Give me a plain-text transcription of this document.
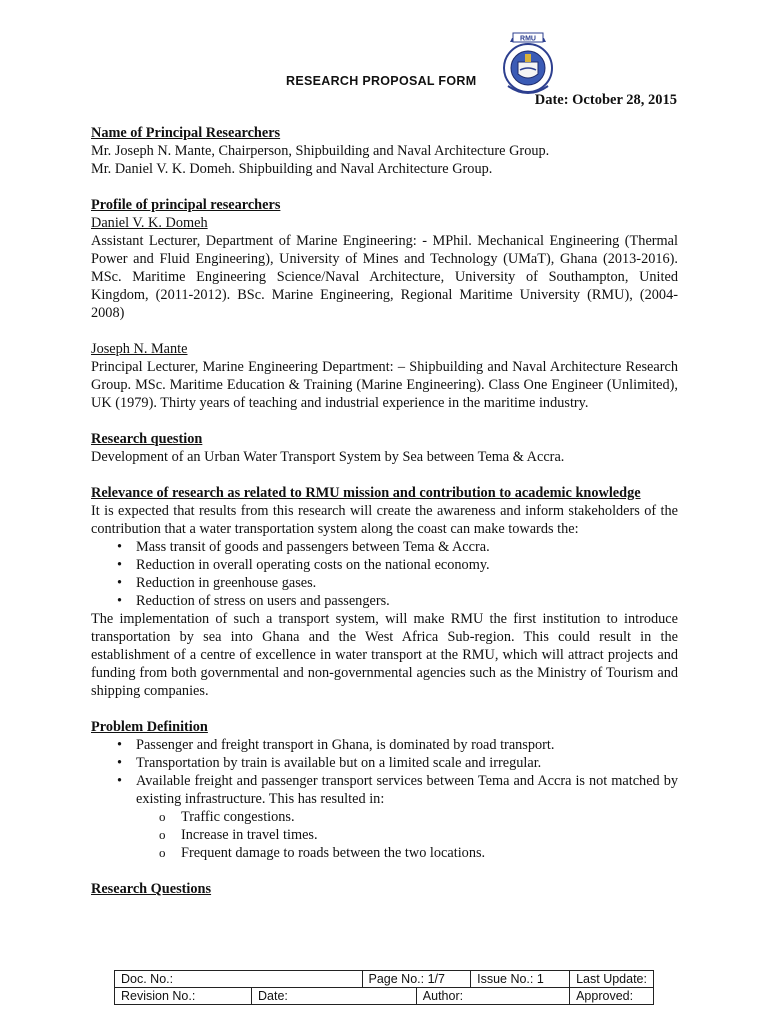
RMU
RESEARCH PROPOSAL FORM
Date: October 28, 2015

Name of Principal Researchers

Mr. Joseph N. Mante, Chairperson, Shipbuilding and Naval Architecture Group.

Mr. Daniel V. K. Domeh. Shipbuilding and Naval Architecture Group.

Profile of principal researchers

Daniel V. K. Domeh

Assistant Lecturer, Department of Marine Engineering: - MPhil. Mechanical Engineering (Thermal Power and Fluid Engineering), University of Mines and Technology (UMaT), Ghana (2013-2016). MSc. Maritime Engineering Science/Naval Architecture, University of Southampton, United Kingdom, (2011-2012). BSc. Marine Engineering, Regional Maritime University (RMU), (2004-2008)

Joseph N. Mante

Principal Lecturer, Marine Engineering Department: – Shipbuilding and Naval Architecture Research Group. MSc. Maritime Education & Training (Marine Engineering). Class One Engineer (Unlimited), UK (1979). Thirty years of teaching and industrial experience in the maritime industry.

Research question

Development of an Urban Water Transport System by Sea between Tema & Accra.

Relevance of research as related to RMU mission and contribution to academic knowledge

It is expected that results from this research will create the awareness and inform stakeholders of the contribution that a water transportation system along the coast can make towards the:

• Mass transit of goods and passengers between Tema & Accra.
• Reduction in overall operating costs on the national economy.
• Reduction in greenhouse gases.
• Reduction of stress on users and passengers.

The implementation of such a transport system, will make RMU the first institution to introduce transportation by sea into Ghana and the West Africa Sub-region. This could result in the establishment of a centre of excellence in water transport at the RMU, which will attract projects and funding from both governmental and non-governmental agencies such as the Ministry of Tourism and shipping companies.

Problem Definition

• Passenger and freight transport in Ghana, is dominated by road transport.
• Transportation by train is available but on a limited scale and irregular.
• Available freight and passenger transport services between Tema and Accra is not matched by existing infrastructure. This has resulted in:
o Traffic congestions.
o Increase in travel times.
o Frequent damage to roads between the two locations.

Research Questions

Doc. No.:		Page No.: 1/7		Issue No.: 1	Last Update:
Revision No.:	Date:		Author:		Approved:
